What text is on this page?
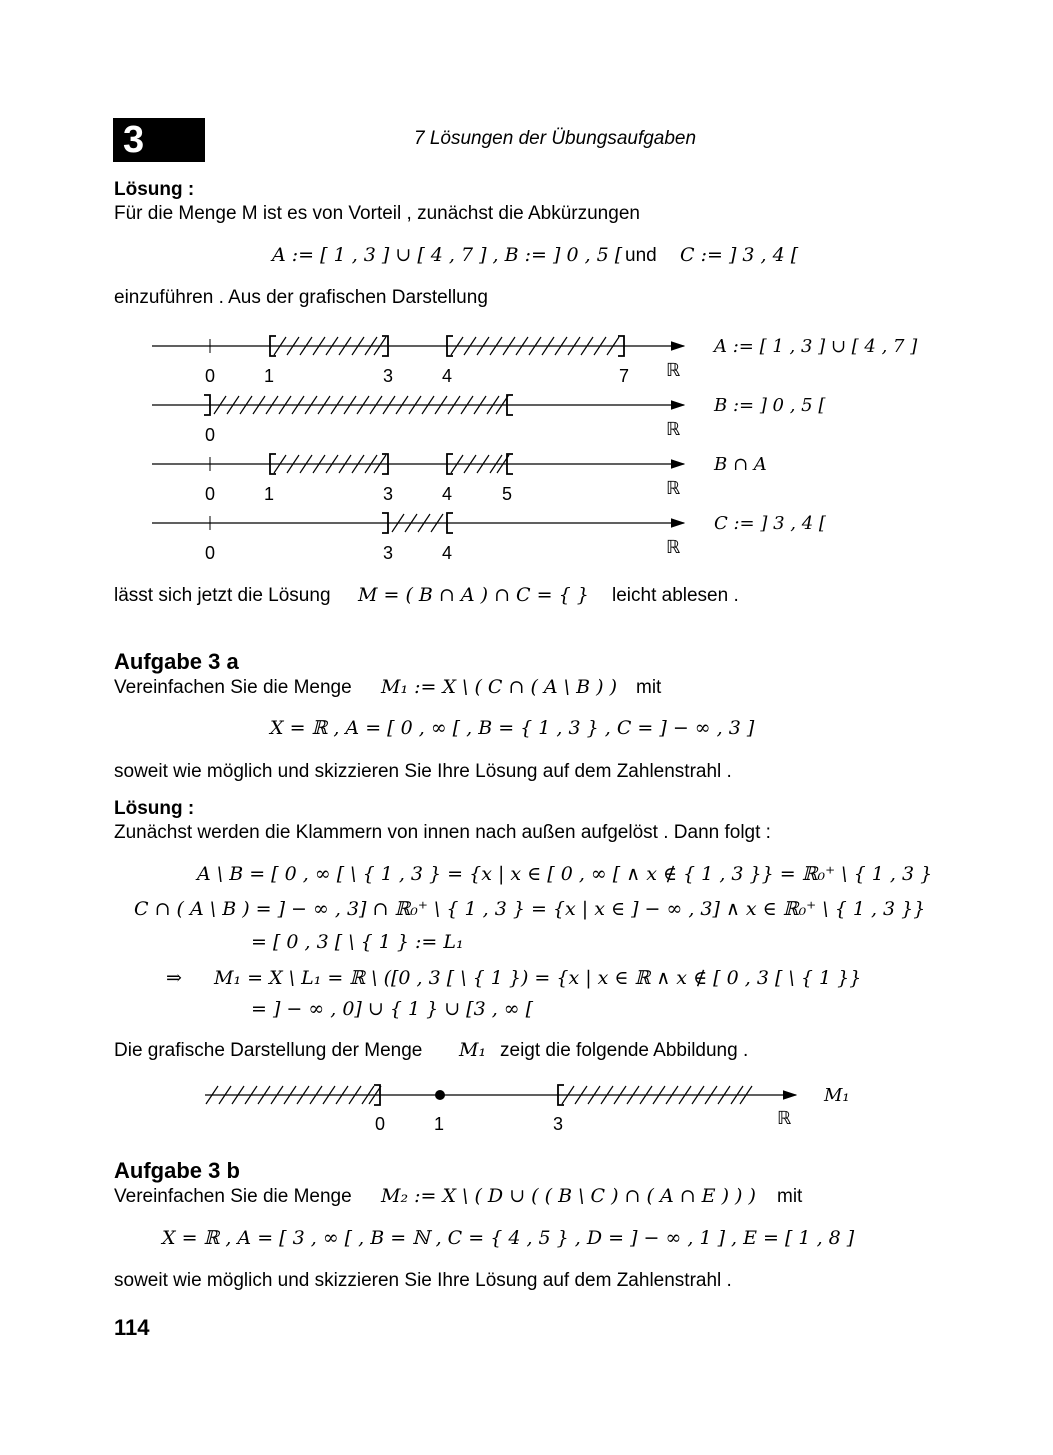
3	7 Lösungen der Übungsaufgaben
Lösung :
Für die Menge M ist es von Vorteil , zunächst die Abkürzungen
A := [ 1 , 3 ] ∪ [ 4 , 7 ] , B := ] 0 , 5 [ und C := ] 3 , 4 [
einzuführen . Aus der grafischen Darstellung
0	1	3	4	7 ℝ
A := [ 1 , 3 ] ∪ [ 4 , 7 ]
0	ℝ
B := ] 0 , 5 [
0	1	3	4	5	ℝ
B ∩ A
0	3	4	ℝ
C := ] 3 , 4 [
lässt sich jetzt die Lösung M = ( B ∩ A ) ∩ C = { } leicht ablesen .
Aufgabe 3 a
Vereinfachen Sie die Menge M₁ := X \ ( C ∩ ( A \ B ) ) mit
X = ℝ , A = [ 0 , ∞ [ , B = { 1 , 3 } , C = ] − ∞ , 3 ]
soweit wie möglich und skizzieren Sie Ihre Lösung auf dem Zahlenstrahl .
Lösung :
Zunächst werden die Klammern von innen nach außen aufgelöst . Dann folgt :
A \ B = [ 0 , ∞ [ \ { 1 , 3 } = {x | x ∈ [ 0 , ∞ [ ∧ x ∉ { 1 , 3 }} = ℝ₀⁺ \ { 1 , 3 }
C ∩ ( A \ B ) = ] − ∞ , 3] ∩ ℝ₀⁺ \ { 1 , 3 } = {x | x ∈ ] − ∞ , 3] ∧ x ∈ ℝ₀⁺ \ { 1 , 3 }}
= [ 0 , 3 [ \ { 1 } := L₁
⇒ M₁ = X \ L₁ = ℝ \ ([0 , 3 [ \ { 1 }) = {x | x ∈ ℝ ∧ x ∉ [ 0 , 3 [ \ { 1 }}
= ] − ∞ , 0] ∪ { 1 } ∪ [3 , ∞ [
Die grafische Darstellung der Menge M₁ zeigt die folgende Abbildung .
0	1	3	ℝ
M₁
Aufgabe 3 b
Vereinfachen Sie die Menge M₂ := X \ ( D ∪ ( ( B \ C ) ∩ ( A ∩ E ) ) ) mit
X = ℝ , A = [ 3 , ∞ [ , B = ℕ , C = { 4 , 5 } , D = ] − ∞ , 1 ] , E = [ 1 , 8 ]
soweit wie möglich und skizzieren Sie Ihre Lösung auf dem Zahlenstrahl .
114
